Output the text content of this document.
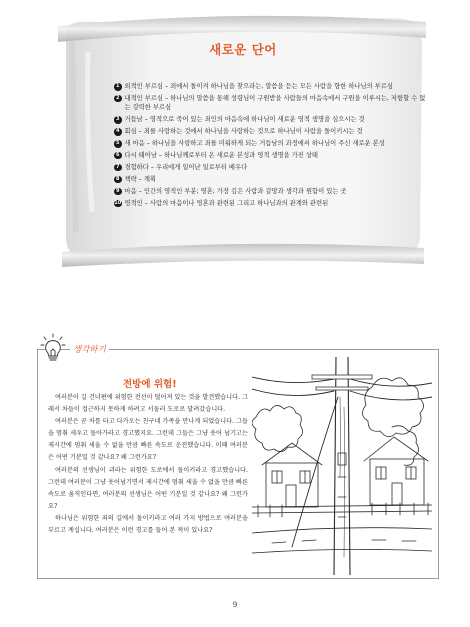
새로운 단어
1 외적인 부르심 – 죄에서 돌이켜 하나님을 찾으라는, 말씀을 듣는 모든 사람을 향한 하나님의 부르심
2 내적인 부르심 – 하나님의 말씀을 통해 성령님이 구원받을 사람들의 마음속에서 구원을 이루시는, 저항할 수 없는 강력한 부르심
3 거듭남 – 영적으로 죽어 있는 죄인의 마음속에 하나님이 새로운 영적 생명을 심으시는 것
4 회심 – 죄를 사랑하는 것에서 하나님을 사랑하는 것으로 하나님이 사람을 돌이키시는 것
5 새 마음 – 하나님을 사랑하고 죄를 미워하게 되는 거듭남의 과정에서 하나님이 주신 새로운 본성
6 다시 태어남 – 하나님께로부터 온 새로운 본성과 영적 생명을 가진 상태
7 경험하다 – 우리에게 일어난 일로부터 배우다
8 책략 – 계획
9 마음 – 인간의 영적인 부분; 영혼; 가장 깊은 사람과 갈망과 생각과 원함이 있는 곳
10 영적인 – 사람의 마음이나 영혼과 관련된 그리고 하나님과의 관계와 관련된
생각하기
전방에 위험!

여러분이 길 건너편에 위험한 전선이 떨어져 있는 것을 발견했습니다. 그래서 차들이 접근하지 못하게 하려고 서둘러 도로로 달려갔습니다.

여러분은 곧 차를 타고 다가오는 친구네 가족을 만나게 되었습니다. 그들을 멈춰 세우고 돌아가라고 경고했지요. 그런데 그들은 그냥 웃어 넘기고는 제시간에 멈춰 세울 수 없을 만큼 빠른 속도로 운전했습니다. 이때 여러분은 어떤 기분일 것 같나요? 왜 그런가요?

여러분의 선생님이 괴라는 위험한 도로에서 돌이키라고 경고했습니다. 그런데 여러분이 그냥 웃어넘기면서 제시간에 멈춰 세울 수 없을 만큼 빠른 속도로 움직인다면, 여러분의 선생님은 어떤 기분일 것 같나요? 왜 그런가요?

하나님은 위험한 죄의 길에서 돌이키라고 여러 가지 방법으로 여러분을 부르고 계십니다. 여러분은 이런 경고를 들어 본 적이 있나요?

9
